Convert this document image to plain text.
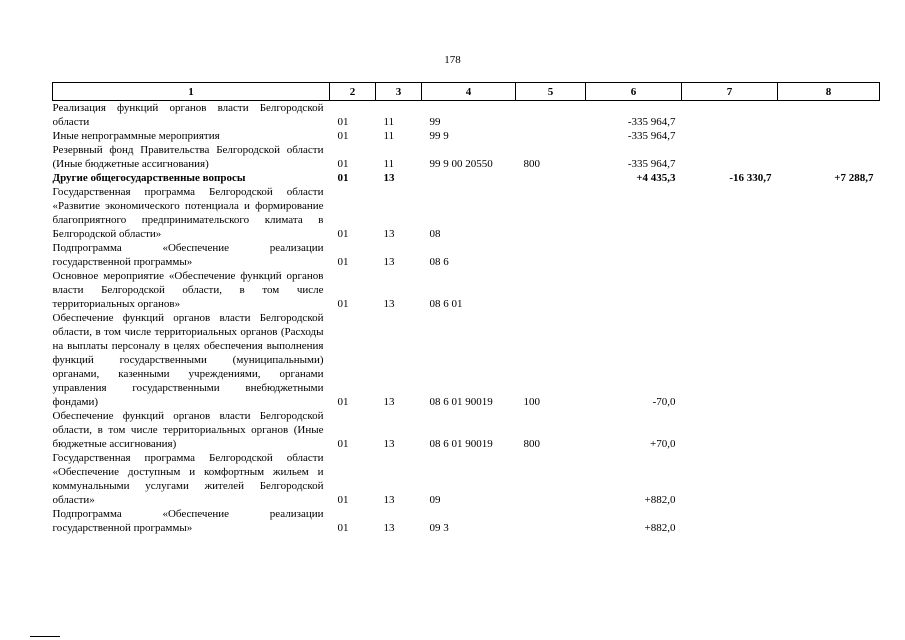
178
1	2	3	4	5	6	7	8
Реализация функций органов власти Белгородской области	01	11	99		-335 964,7		
Иные непрограммные мероприятия	01	11	99 9		-335 964,7		
Резервный фонд Правительства Белгородской области (Иные бюджетные ассигнования)	01	11	99 9 00 20550	800	-335 964,7		
Другие общегосударственные вопросы	01	13			+4 435,3	-16 330,7	+7 288,7
Государственная программа Белгородской области «Развитие экономического потенциала и формирование благоприятного предпринимательского климата в Белгородской области»	01	13	08				
Подпрограмма «Обеспечение реализации государственной программы»	01	13	08 6				
Основное мероприятие «Обеспечение функций органов власти Белгородской области, в том числе территориальных органов»	01	13	08 6 01				
Обеспечение функций органов власти Белгородской области, в том числе территориальных органов (Расходы на выплаты персоналу в целях обеспечения выполнения функций государственными (муниципальными) органами, казенными учреждениями, органами управления государственными внебюджетными фондами)	01	13	08 6 01 90019	100	-70,0		
Обеспечение функций органов власти Белгородской области, в том числе территориальных органов (Иные бюджетные ассигнования)	01	13	08 6 01 90019	800	+70,0		
Государственная программа Белгородской области «Обеспечение доступным и комфортным жильем и коммунальными услугами жителей Белгородской области»	01	13	09		+882,0		
Подпрограмма «Обеспечение реализации государственной программы»	01	13	09 3		+882,0		
